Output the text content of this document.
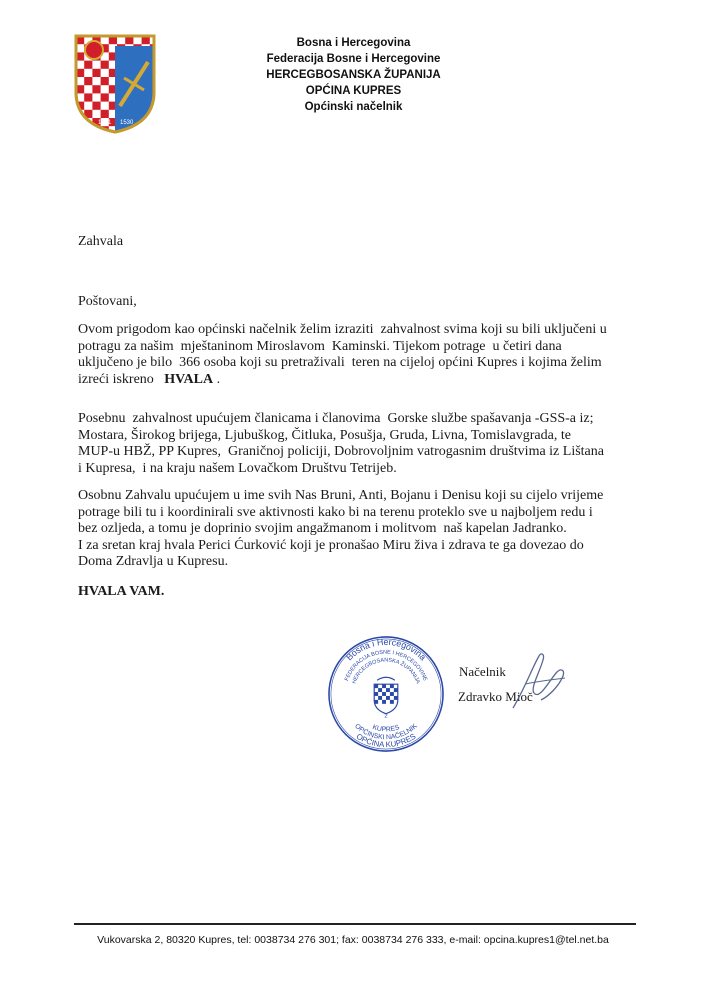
1331 1530
Bosna i Hercegovina
Federacija Bosne i Hercegovine
HERCEGBOSANSKA ŽUPANIJA
OPĆINA KUPRES
Općinski načelnik
Zahvala
Poštovani,
Ovom prigodom kao općinski načelnik želim izraziti  zahvalnost svima koji su bili uključeni u
potragu za našim  mještaninom Miroslavom  Kaminski. Tijekom potrage  u četiri dana
uključeno je bilo  366 osoba koji su pretraživali  teren na cijeloj općini Kupres i kojima želim
izreći iskreno   HVALA .
Posebnu  zahvalnost upućujem članicama i članovima  Gorske službe spašavanja -GSS-a iz;
Mostara, Širokog brijega, Ljubuškog, Čitluka, Posušja, Gruda, Livna, Tomislavgrada, te
MUP-u HBŽ, PP Kupres,  Graničnoj policiji, Dobrovoljnim vatrogasnim društvima iz Lištana
i Kupresa,  i na kraju našem Lovačkom Društvu Tetrijeb.
Osobnu Zahvalu upućujem u ime svih Nas Bruni, Anti, Bojanu i Denisu koji su cijelo vrijeme
potrage bili tu i koordinirali sve aktivnosti kako bi na terenu proteklo sve u najboljem redu i
bez ozljeda, a tomu je doprinio svojim angažmanom i molitvom  naš kapelan Jadranko.
I za sretan kraj hvala Perici Ćurković koji je pronašao Miru živa i zdrava te ga dovezao do
Doma Zdravlja u Kupresu.
HVALA VAM.
Bosna i Hercegovina
FEDERACIJA BOSNE I HERCEGOVINE
HERCEGBOSANSKA ŽUPANIJA
OPĆINA KUPRES
OPĆINSKI NAČELNIK
KUPRES
2
Načelnik
Zdravko Mioč
Vukovarska 2, 80320 Kupres, tel: 0038734 276 301; fax: 0038734 276 333, e-mail: opcina.kupres1@tel.net.ba
